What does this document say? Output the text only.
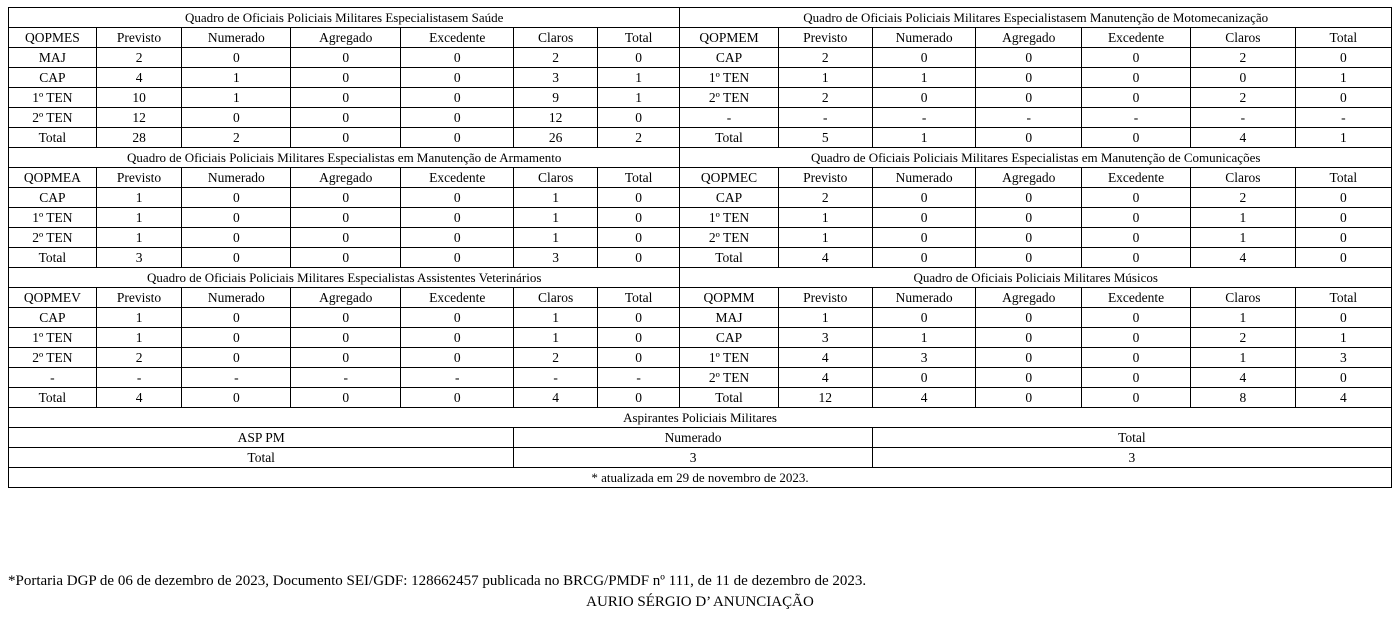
Quadro de Oficiais Policiais Militares Especialistasem Saúde							Quadro de Oficiais Policiais Militares Especialistasem Manutenção de Motomecanização						
QOPMES	Previsto	Numerado	Agregado	Excedente	Claros	Total	QOPMEM	Previsto	Numerado	Agregado	Excedente	Claros	Total
MAJ	2	0	0	0	2	0	CAP	2	0	0	0	2	0
CAP	4	1	0	0	3	1	1º TEN	1	1	0	0	0	1
1º TEN	10	1	0	0	9	1	2º TEN	2	0	0	0	2	0
2º TEN	12	0	0	0	12	0	-	-	-	-	-	-	-
Total	28	2	0	0	26	2	Total	5	1	0	0	4	1
Quadro de Oficiais Policiais Militares Especialistas em Manutenção de Armamento							Quadro de Oficiais Policiais Militares Especialistas em Manutenção de Comunicações						
QOPMEA	Previsto	Numerado	Agregado	Excedente	Claros	Total	QOPMEC	Previsto	Numerado	Agregado	Excedente	Claros	Total
CAP	1	0	0	0	1	0	CAP	2	0	0	0	2	0
1º TEN	1	0	0	0	1	0	1º TEN	1	0	0	0	1	0
2º TEN	1	0	0	0	1	0	2º TEN	1	0	0	0	1	0
Total	3	0	0	0	3	0	Total	4	0	0	0	4	0
Quadro de Oficiais Policiais Militares Especialistas Assistentes Veterinários							Quadro de Oficiais Policiais Militares Músicos						
QOPMEV	Previsto	Numerado	Agregado	Excedente	Claros	Total	QOPMM	Previsto	Numerado	Agregado	Excedente	Claros	Total
CAP	1	0	0	0	1	0	MAJ	1	0	0	0	1	0
1º TEN	1	0	0	0	1	0	CAP	3	1	0	0	2	1
2º TEN	2	0	0	0	2	0	1º TEN	4	3	0	0	1	3
-	-	-	-	-	-	-	2º TEN	4	0	0	0	4	0
Total	4	0	0	0	4	0	Total	12	4	0	0	8	4
Aspirantes Policiais Militares													
ASP PM					Numerado				Total				
Total					3				3				
* atualizada em 29 de novembro de 2023.													
*Portaria DGP de 06 de dezembro de 2023, Documento SEI/GDF: 128662457 publicada no BRCG/PMDF nº 111, de 11 de dezembro de 2023.
AURIO SÉRGIO D’ ANUNCIAÇÃO
